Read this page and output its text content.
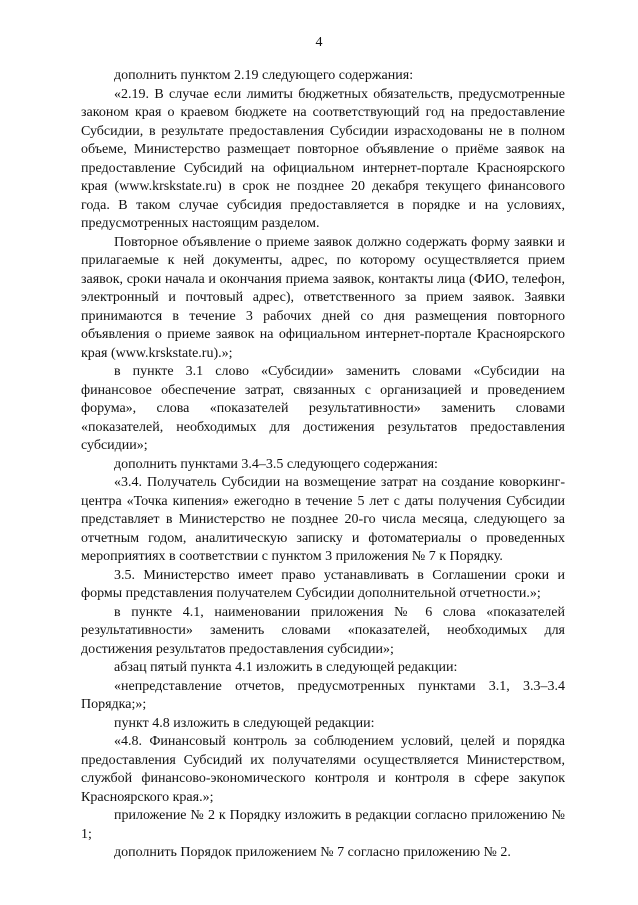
4

дополнить пунктом 2.19 следующего содержания:

«2.19. В случае если лимиты бюджетных обязательств, предусмотренные законом края о краевом бюджете на соответствующий год на предоставление Субсидии, в результате предоставления Субсидии израсходованы не в полном объеме, Министерство размещает повторное объявление о приёме заявок на предоставление Субсидий на официальном интернет-портале Красноярского края (www.krskstate.ru) в срок не позднее 20 декабря текущего финансового года. В таком случае субсидия предоставляется в порядке и на условиях, предусмотренных настоящим разделом.

Повторное объявление о приеме заявок должно содержать форму заявки и прилагаемые к ней документы, адрес, по которому осуществляется прием заявок, сроки начала и окончания приема заявок, контакты лица (ФИО, телефон, электронный и почтовый адрес), ответственного за прием заявок. Заявки принимаются в течение 3 рабочих дней со дня размещения повторного объявления о приеме заявок на официальном интернет-портале Красноярского края (www.krskstate.ru).»;

в пункте 3.1 слово «Субсидии» заменить словами «Субсидии на финансовое обеспечение затрат, связанных с организацией и проведением форума», слова «показателей результативности» заменить словами «показателей, необходимых для достижения результатов предоставления субсидии»;

дополнить пунктами 3.4–3.5 следующего содержания:

«3.4. Получатель Субсидии на возмещение затрат на создание коворкинг-центра «Точка кипения» ежегодно в течение 5 лет с даты получения Субсидии представляет в Министерство не позднее 20-го числа месяца, следующего за отчетным годом, аналитическую записку и фотоматериалы о проведенных мероприятиях в соответствии с пунктом 3 приложения № 7 к Порядку.

3.5. Министерство имеет право устанавливать в Соглашении сроки и формы представления получателем Субсидии дополнительной отчетности.»;

в пункте 4.1, наименовании приложения № 6 слова «показателей результативности» заменить словами «показателей, необходимых для достижения результатов предоставления субсидии»;

абзац пятый пункта 4.1 изложить в следующей редакции:

«непредставление отчетов, предусмотренных пунктами 3.1, 3.3–3.4 Порядка;»;

пункт 4.8 изложить в следующей редакции:

«4.8. Финансовый контроль за соблюдением условий, целей и порядка предоставления Субсидий их получателями осуществляется Министерством, службой финансово-экономического контроля и контроля в сфере закупок Красноярского края.»;

приложение № 2 к Порядку изложить в редакции согласно приложению № 1;

дополнить Порядок приложением № 7 согласно приложению № 2.
